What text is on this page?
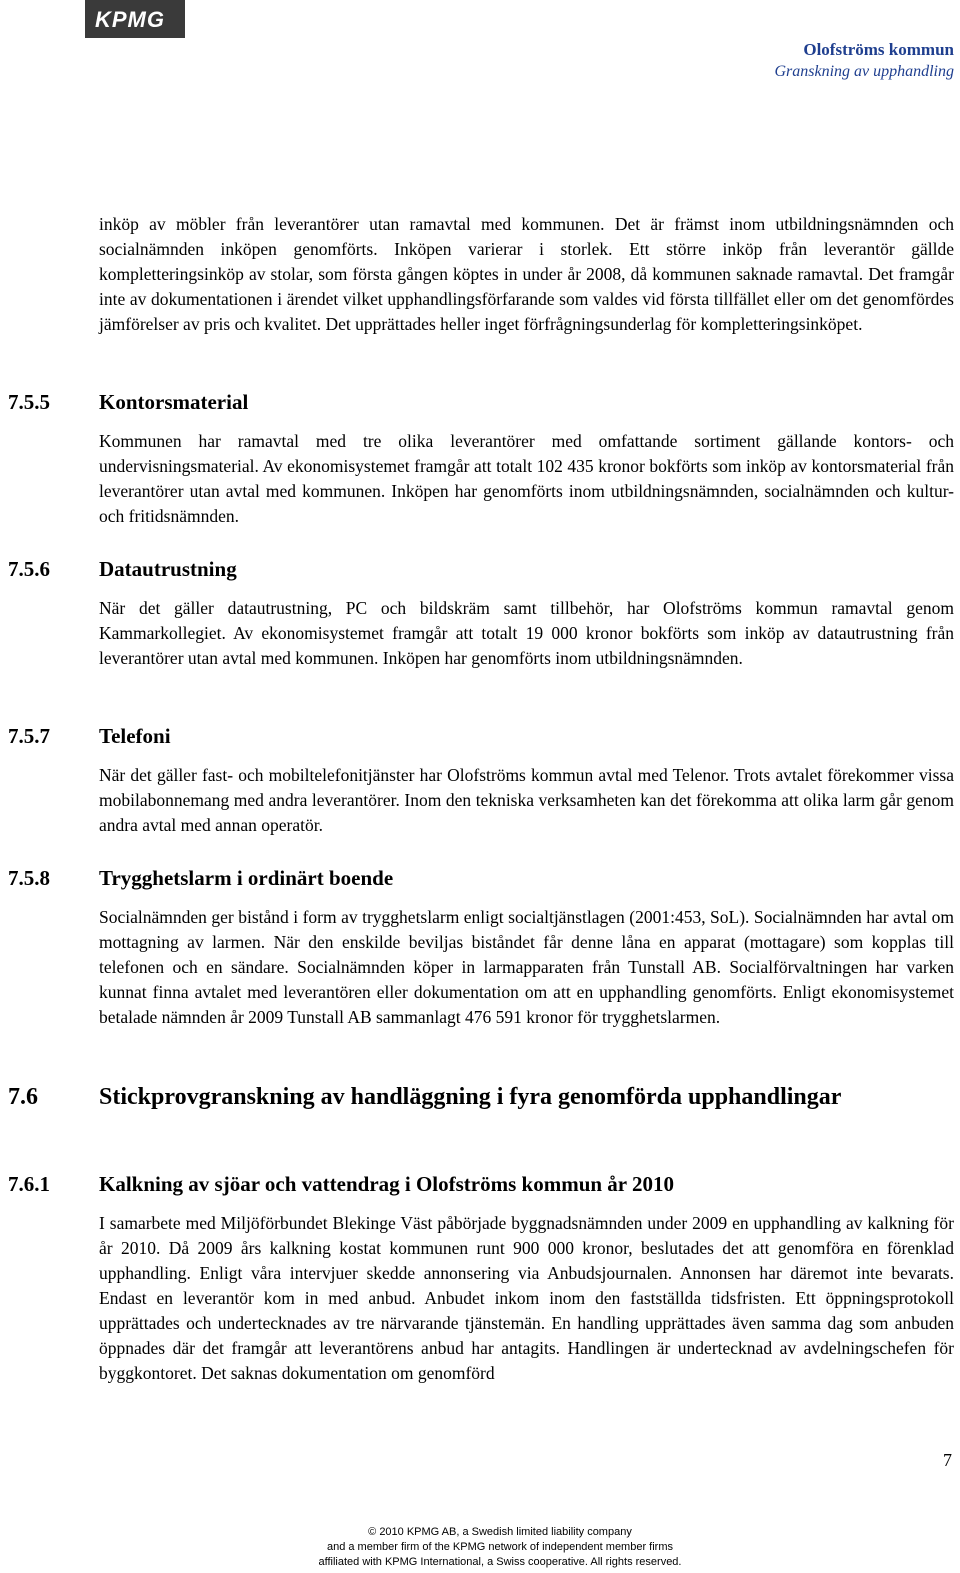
KPMG
Olofströms kommun
Granskning av upphandling
inköp av möbler från leverantörer utan ramavtal med kommunen. Det är främst inom utbildningsnämnden och socialnämnden inköpen genomförts. Inköpen varierar i storlek. Ett större inköp från leverantör gällde kompletteringsinköp av stolar, som första gången köptes in under år 2008, då kommunen saknade ramavtal. Det framgår inte av dokumentationen i ärendet vilket upphandlingsförfarande som valdes vid första tillfället eller om det genomfördes jämförelser av pris och kvalitet. Det upprättades heller inget förfrågningsunderlag för kompletteringsinköpet.
7.5.5	Kontorsmaterial
Kommunen har ramavtal med tre olika leverantörer med omfattande sortiment gällande kontors- och undervisningsmaterial. Av ekonomisystemet framgår att totalt 102 435 kronor bokförts som inköp av kontorsmaterial från leverantörer utan avtal med kommunen. Inköpen har genomförts inom utbildningsnämnden, socialnämnden och kultur- och fritidsnämnden.
7.5.6	Datautrustning
När det gäller datautrustning, PC och bildskräm samt tillbehör, har Olofströms kommun ramavtal genom Kammarkollegiet. Av ekonomisystemet framgår att totalt 19 000 kronor bokförts som inköp av datautrustning från leverantörer utan avtal med kommunen. Inköpen har genomförts inom utbildningsnämnden.
7.5.7	Telefoni
När det gäller fast- och mobiltelefonitjänster har Olofströms kommun avtal med Telenor. Trots avtalet förekommer vissa mobilabonnemang med andra leverantörer. Inom den tekniska verksamheten kan det förekomma att olika larm går genom andra avtal med annan operatör.
7.5.8	Trygghetslarm i ordinärt boende
Socialnämnden ger bistånd i form av trygghetslarm enligt socialtjänstlagen (2001:453, SoL). Socialnämnden har avtal om mottagning av larmen. När den enskilde beviljas biståndet får denne låna en apparat (mottagare) som kopplas till telefonen och en sändare. Socialnämnden köper in larmapparaten från Tunstall AB. Socialförvaltningen har varken kunnat finna avtalet med leverantören eller dokumentation om att en upphandling genomförts. Enligt ekonomisystemet betalade nämnden år 2009 Tunstall AB sammanlagt 476 591 kronor för trygghetslarmen.
7.6	Stickprovgranskning av handläggning i fyra genomförda upphandlingar
7.6.1	Kalkning av sjöar och vattendrag i Olofströms kommun år 2010
I samarbete med Miljöförbundet Blekinge Väst påbörjade byggnadsnämnden under 2009 en upphandling av kalkning för år 2010. Då 2009 års kalkning kostat kommunen runt 900 000 kronor, beslutades det att genomföra en förenklad upphandling. Enligt våra intervjuer skedde annonsering via Anbudsjournalen. Annonsen har däremot inte bevarats. Endast en leverantör kom in med anbud. Anbudet inkom inom den fastställda tidsfristen. Ett öppningsprotokoll upprättades och undertecknades av tre närvarande tjänstemän. En handling upprättades även samma dag som anbuden öppnades där det framgår att leverantörens anbud har antagits. Handlingen är undertecknad av avdelningschefen för byggkontoret. Det saknas dokumentation om genomförd
7
© 2010 KPMG AB, a Swedish limited liability company
and a member firm of the KPMG network of independent member firms
affiliated with KPMG International, a Swiss cooperative. All rights reserved.
